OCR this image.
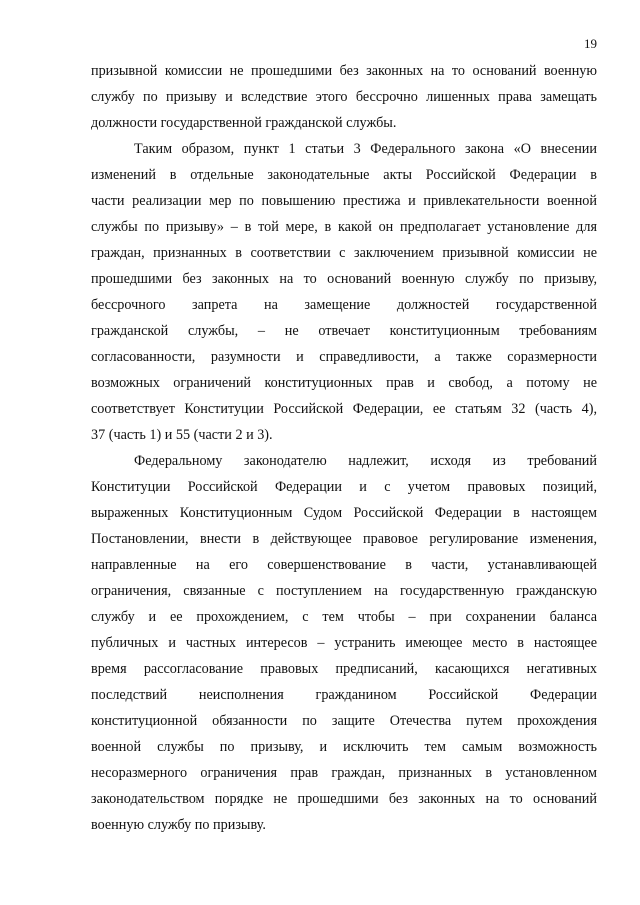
19
призывной комиссии не прошедшими без законных на то оснований военную
службу по призыву и вследствие этого бессрочно лишенных права замещать
должности государственной гражданской службы.
Таким образом, пункт 1 статьи 3 Федерального закона «О внесении
изменений в отдельные законодательные акты Российской Федерации в
части реализации мер по повышению престижа и привлекательности военной
службы по призыву» – в той мере, в какой он предполагает установление для
граждан, признанных в соответствии с заключением призывной комиссии не
прошедшими без законных на то оснований военную службу по призыву,
бессрочного запрета на замещение должностей государственной
гражданской службы, – не отвечает конституционным требованиям
согласованности, разумности и справедливости, а также соразмерности
возможных ограничений конституционных прав и свобод, а потому не
соответствует Конституции Российской Федерации, ее статьям 32 (часть 4),
37 (часть 1) и 55 (части 2 и 3).
Федеральному законодателю надлежит, исходя из требований
Конституции Российской Федерации и с учетом правовых позиций,
выраженных Конституционным Судом Российской Федерации в настоящем
Постановлении, внести в действующее правовое регулирование изменения,
направленные на его совершенствование в части, устанавливающей
ограничения, связанные с поступлением на государственную гражданскую
службу и ее прохождением, с тем чтобы – при сохранении баланса
публичных и частных интересов – устранить имеющее место в настоящее
время рассогласование правовых предписаний, касающихся негативных
последствий неисполнения гражданином Российской Федерации
конституционной обязанности по защите Отечества путем прохождения
военной службы по призыву, и исключить тем самым возможность
несоразмерного ограничения прав граждан, признанных в установленном
законодательством порядке не прошедшими без законных на то оснований
военную службу по призыву.
